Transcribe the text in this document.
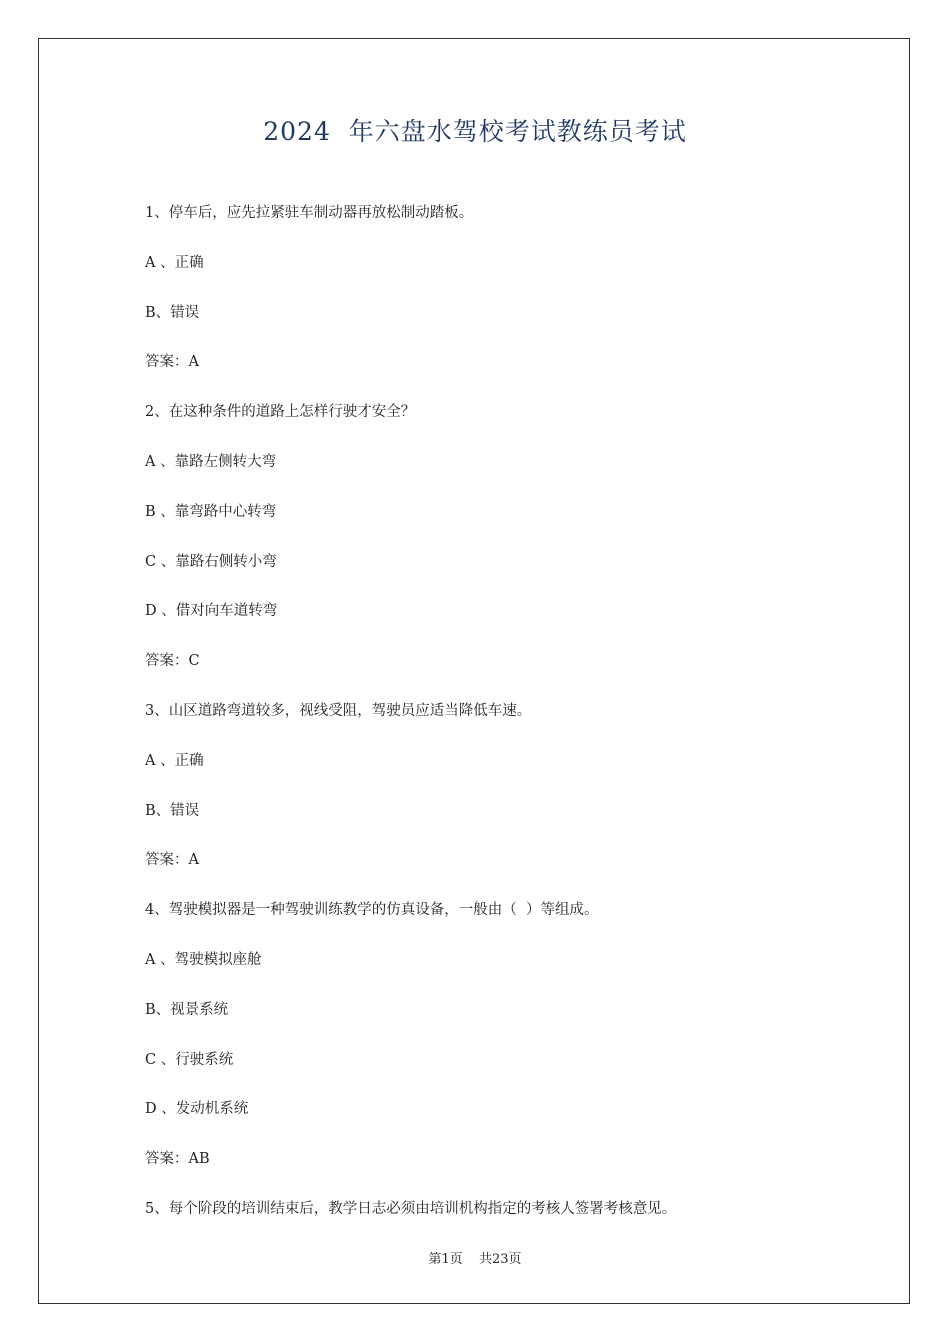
2024  年六盘水驾校考试教练员考试
1、停车后，应先拉紧驻车制动器再放松制动踏板。
A 、正确
B、错误
答案：A
2、在这种条件的道路上怎样行驶才安全？
A 、靠路左侧转大弯
B 、靠弯路中心转弯
C 、靠路右侧转小弯
D 、借对向车道转弯
答案：C
3、山区道路弯道较多，视线受阻，驾驶员应适当降低车速。
A 、正确
B、错误
答案：A
4、驾驶模拟器是一种驾驶训练教学的仿真设备，一般由（  ）等组成。
A 、驾驶模拟座舱
B、视景系统
C 、行驶系统
D 、发动机系统
答案：AB
5、每个阶段的培训结束后，教学日志必须由培训机构指定的考核人签署考核意见。
第1页 共23页
